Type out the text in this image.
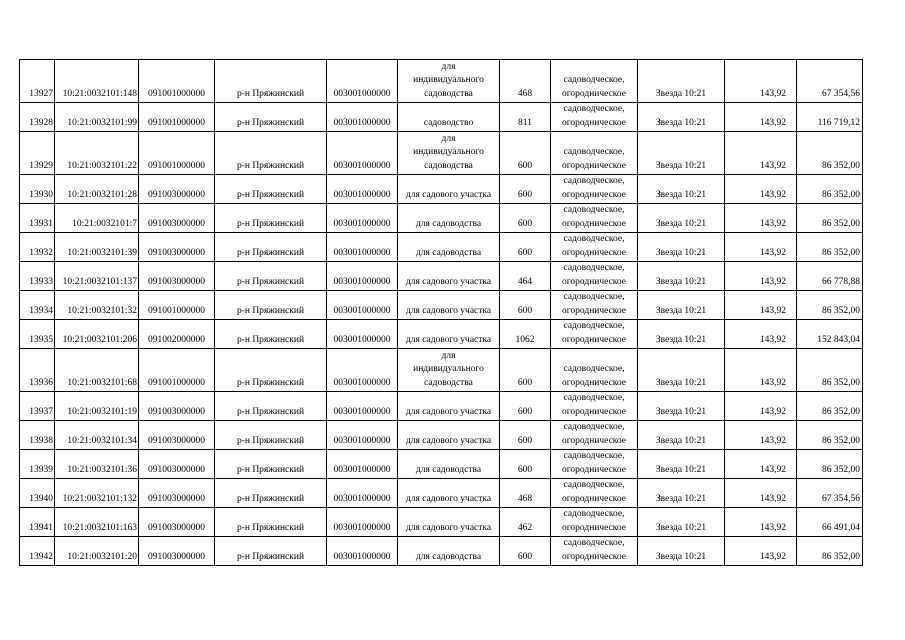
13927	10:21:0032101:148	091001000000	р-н Пряжинский	003001000000	для
индивидуального
садоводства	468	садоводческое,
огородническое	Звезда 10:21	143,92	67 354,56
13928	10:21:0032101:99	091001000000	р-н Пряжинский	003001000000	садоводство	811	садоводческое,
огородническое	Звезда 10:21	143,92	116 719,12
13929	10:21:0032101:22	091001000000	р-н Пряжинский	003001000000	для
индивидуального
садоводства	600	садоводческое,
огородническое	Звезда 10:21	143,92	86 352,00
13930	10:21:0032101:28	091003000000	р-н Пряжинский	003001000000	для садового участка	600	садоводческое,
огородническое	Звезда 10:21	143,92	86 352,00
13931	10:21:0032101:7	091003000000	р-н Пряжинский	003001000000	для садоводства	600	садоводческое,
огородническое	Звезда 10:21	143,92	86 352,00
13932	10:21:0032101:39	091003000000	р-н Пряжинский	003001000000	для садоводства	600	садоводческое,
огородническое	Звезда 10:21	143,92	86 352,00
13933	10:21:0032101:137	091003000000	р-н Пряжинский	003001000000	для садового участка	464	садоводческое,
огородническое	Звезда 10:21	143,92	66 778,88
13934	10:21:0032101:32	091001000000	р-н Пряжинский	003001000000	для садового участка	600	садоводческое,
огородническое	Звезда 10:21	143,92	86 352,00
13935	10:21:0032101:206	091002000000	р-н Пряжинский	003001000000	для садового участка	1062	садоводческое,
огородническое	Звезда 10:21	143,92	152 843,04
13936	10:21:0032101:68	091001000000	р-н Пряжинский	003001000000	для
индивидуального
садоводства	600	садоводческое,
огородническое	Звезда 10:21	143,92	86 352,00
13937	10:21:0032101:19	091003000000	р-н Пряжинский	003001000000	для садового участка	600	садоводческое,
огородническое	Звезда 10:21	143,92	86 352,00
13938	10:21:0032101:34	091003000000	р-н Пряжинский	003001000000	для садового участка	600	садоводческое,
огородническое	Звезда 10:21	143,92	86 352,00
13939	10:21:0032101:36	091003000000	р-н Пряжинский	003001000000	для садоводства	600	садоводческое,
огородническое	Звезда 10:21	143,92	86 352,00
13940	10:21:0032101:132	091003000000	р-н Пряжинский	003001000000	для садового участка	468	садоводческое,
огородническое	Звезда 10:21	143,92	67 354,56
13941	10:21:0032101:163	091003000000	р-н Пряжинский	003001000000	для садового участка	462	садоводческое,
огородническое	Звезда 10:21	143,92	66 491,04
13942	10:21:0032101:20	091003000000	р-н Пряжинский	003001000000	для садоводства	600	садоводческое,
огородническое	Звезда 10:21	143,92	86 352,00
